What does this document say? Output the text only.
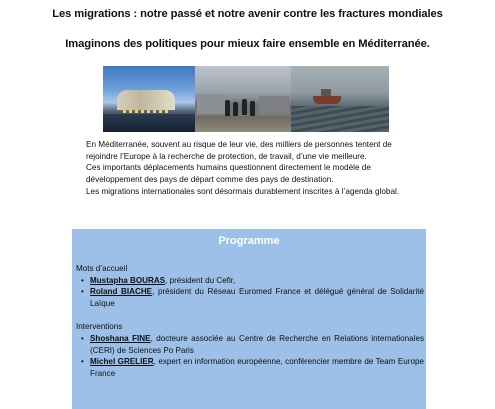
Les migrations : notre passé et notre avenir contre les fractures mondiales
Imaginons des politiques pour mieux faire ensemble en Méditerranée.

En Méditerranée, souvent au risque de leur vie, des milliers de personnes tentent de rejoindre l’Europe à la recherche de protection, de travail, d’une vie meilleure.

Ces importants déplacements humains questionnent directement le modèle de développement des pays de départ comme des pays de destination.

Les migrations internationales sont désormais durablement inscrites à l’agenda global.

Programme

Mots d’accueil

• Mustapha BOURAS, président du Cefir,
• Roland BIACHE, président du Réseau Euromed France et délégué général de Solidarité Laïque

Interventions

• Shoshana FINE, docteure associée au Centre de Recherche en Relations internationales (CERI) de Sciences Po Paris
• Michel GRELIER, expert en information européenne, conférencier membre de Team Europe France
